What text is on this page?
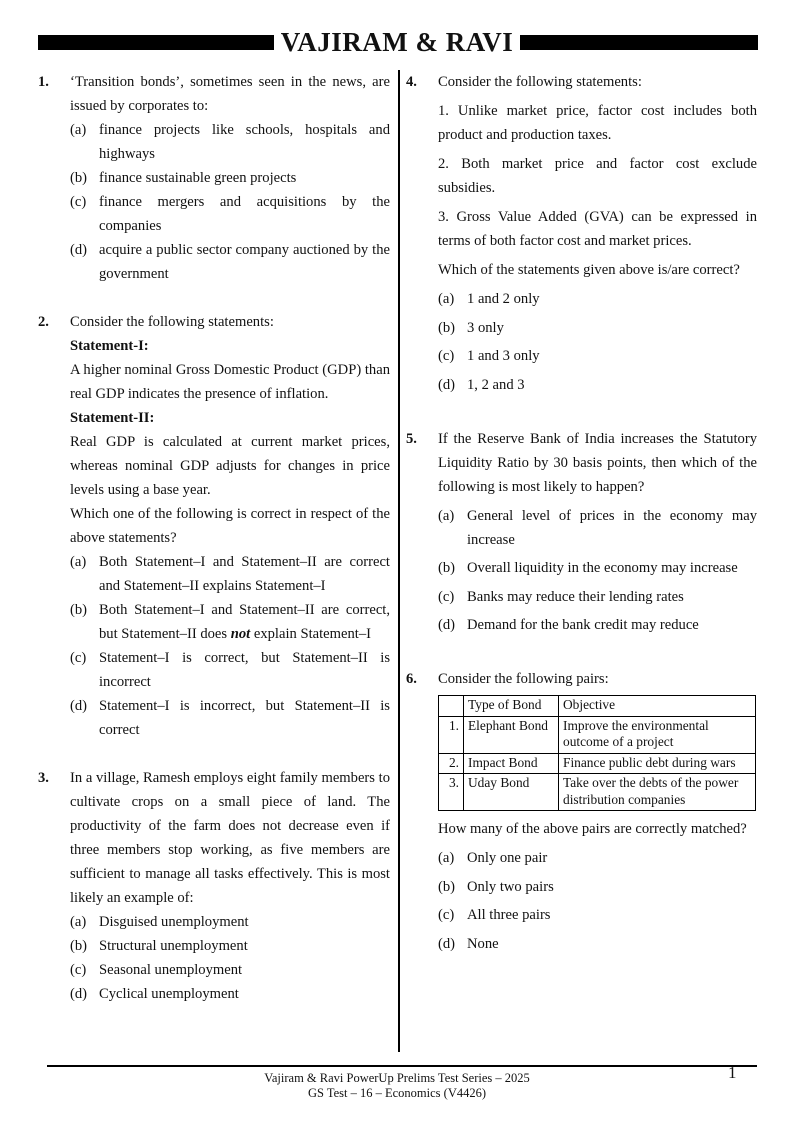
VAJIRAM & RAVI
1. ‘Transition bonds’, sometimes seen in the news, are issued by corporates to:
(a) finance projects like schools, hospitals and highways
(b) finance sustainable green projects
(c) finance mergers and acquisitions by the companies
(d) acquire a public sector company auctioned by the government
2. Consider the following statements:
Statement-I:
A higher nominal Gross Domestic Product (GDP) than real GDP indicates the presence of inflation.
Statement-II:
Real GDP is calculated at current market prices, whereas nominal GDP adjusts for changes in price levels using a base year.
Which one of the following is correct in respect of the above statements?
(a) Both Statement–I and Statement–II are correct and Statement–II explains Statement–I
(b) Both Statement–I and Statement–II are correct, but Statement–II does not explain Statement–I
(c) Statement–I is correct, but Statement–II is incorrect
(d) Statement–I is incorrect, but Statement–II is correct
3. In a village, Ramesh employs eight family members to cultivate crops on a small piece of land. The productivity of the farm does not decrease even if three members stop working, as five members are sufficient to manage all tasks effectively. This is most likely an example of:
(a) Disguised unemployment
(b) Structural unemployment
(c) Seasonal unemployment
(d) Cyclical unemployment
4. Consider the following statements:
1. Unlike market price, factor cost includes both product and production taxes.
2. Both market price and factor cost exclude subsidies.
3. Gross Value Added (GVA) can be expressed in terms of both factor cost and market prices.
Which of the statements given above is/are correct?
(a) 1 and 2 only
(b) 3 only
(c) 1 and 3 only
(d) 1, 2 and 3
5. If the Reserve Bank of India increases the Statutory Liquidity Ratio by 30 basis points, then which of the following is most likely to happen?
(a) General level of prices in the economy may increase
(b) Overall liquidity in the economy may increase
(c) Banks may reduce their lending rates
(d) Demand for the bank credit may reduce
6. Consider the following pairs:
	Type of Bond	Objective
1.	Elephant Bond	Improve the environmental outcome of a project
2.	Impact Bond	Finance public debt during wars
3.	Uday Bond	Take over the debts of the power distribution companies
How many of the above pairs are correctly matched?
(a) Only one pair
(b) Only two pairs
(c) All three pairs
(d) None
Vajiram & Ravi PowerUp Prelims Test Series – 2025
GS Test – 16 – Economics (V4426)
1
